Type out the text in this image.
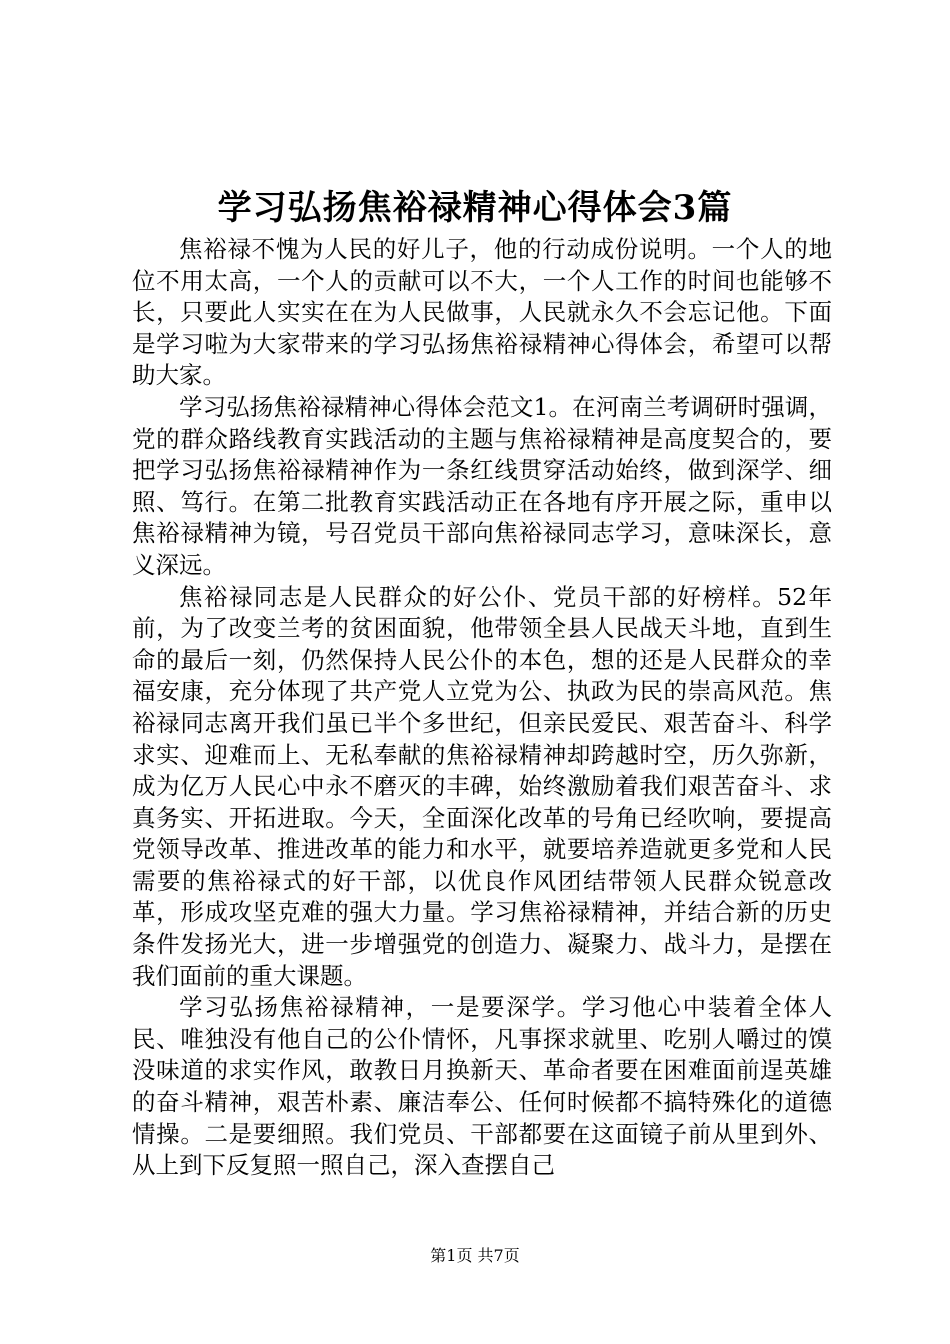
学习弘扬焦裕禄精神心得体会3篇

焦裕禄不愧为人民的好儿子，他的行动成份说明。一个人的地位不用太高，一个人的贡献可以不大，一个人工作的时间也能够不长，只要此人实实在在为人民做事，人民就永久不会忘记他。下面是学习啦为大家带来的学习弘扬焦裕禄精神心得体会，希望可以帮助大家。

学习弘扬焦裕禄精神心得体会范文1。在河南兰考调研时强调，党的群众路线教育实践活动的主题与焦裕禄精神是高度契合的，要把学习弘扬焦裕禄精神作为一条红线贯穿活动始终，做到深学、细照、笃行。在第二批教育实践活动正在各地有序开展之际，重申以焦裕禄精神为镜，号召党员干部向焦裕禄同志学习，意味深长，意义深远。

焦裕禄同志是人民群众的好公仆、党员干部的好榜样。52年前，为了改变兰考的贫困面貌，他带领全县人民战天斗地，直到生命的最后一刻，仍然保持人民公仆的本色，想的还是人民群众的幸福安康，充分体现了共产党人立党为公、执政为民的崇高风范。焦裕禄同志离开我们虽已半个多世纪，但亲民爱民、艰苦奋斗、科学求实、迎难而上、无私奉献的焦裕禄精神却跨越时空，历久弥新，成为亿万人民心中永不磨灭的丰碑，始终激励着我们艰苦奋斗、求真务实、开拓进取。今天，全面深化改革的号角已经吹响，要提高党领导改革、推进改革的能力和水平，就要培养造就更多党和人民需要的焦裕禄式的好干部，以优良作风团结带领人民群众锐意改革，形成攻坚克难的强大力量。学习焦裕禄精神，并结合新的历史条件发扬光大，进一步增强党的创造力、凝聚力、战斗力，是摆在我们面前的重大课题。

学习弘扬焦裕禄精神，一是要深学。学习他心中装着全体人民、唯独没有他自己的公仆情怀，凡事探求就里、吃别人嚼过的馍没味道的求实作风，敢教日月换新天、革命者要在困难面前逞英雄的奋斗精神，艰苦朴素、廉洁奉公、任何时候都不搞特殊化的道德情操。二是要细照。我们党员、干部都要在这面镜子前从里到外、从上到下反复照一照自己，深入查摆自己

第1页 共7页
